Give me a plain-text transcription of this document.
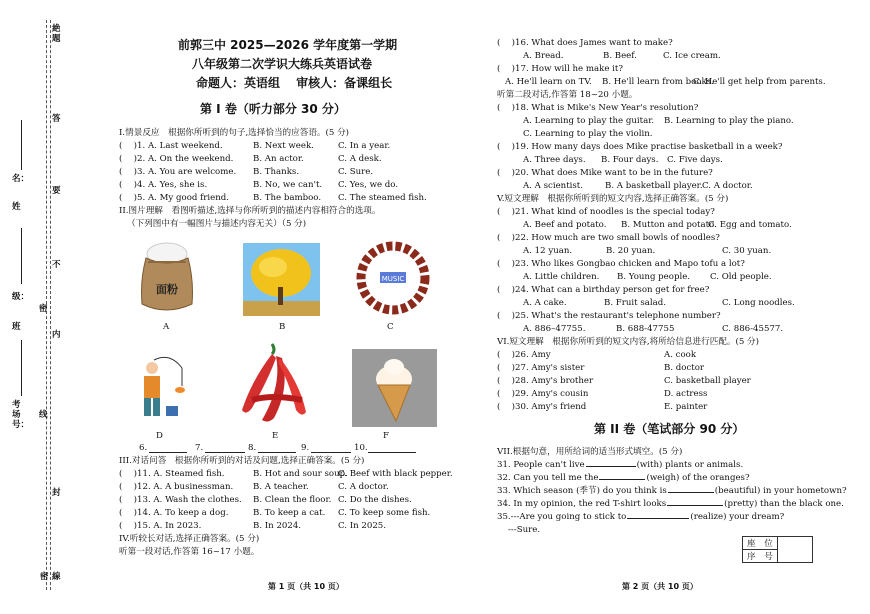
絶
題
答
要
不
内
封
密
线
線
密
名：
姓
级：
班
考场号：
前郭三中 2025—2026 学年度第一学期
八年级第二次学识大练兵英语试卷
命题人：英语组　 审核人：备课组长
第 I 卷（听力部分 30 分）
I.情景反应　根据你所听到的句子,选择恰当的应答语。(5 分)
(　 )1. A. Last weekend.	B. Next week.	C. In a year.
(　 )2. A. On the weekend. B. An actor.	C. A desk.
(　 )3. A. You are welcome. B. Thanks.	C. Sure.
(　 )4. A. Yes, she is.	B. No, we can't. C. Yes, we do.
(　 )5. A. My good friend.	B. The bamboo. C. The steamed fish.
II.图片理解　看图听描述,选择与你所听到的描述内容相符合的选项。
（下列图中有一幅图片与描述内容无关）（5 分)
面粉
A	B
MUSIC
C
D	E	F
6.	7.	8.	9.	10.
III.对话问答　根据你所听到的对话及问题,选择正确答案。(5 分)
(　 )11. A. Steamed fish.	B. Hot and sour soup.
C. Beef with black pepper.
(　 )12. A. A businessman. B. A teacher.	C. A doctor.
(　 )13. A. Wash the clothes. B. Clean the floor. C. Do the dishes.
(　 )14. A. To keep a dog.	B. To keep a cat. C. To keep some fish.
(　 )15. A. In 2023.	B. In 2024.	C. In 2025.
IV.听较长对话,选择正确答案。(5 分)
听第一段对话,作答第 16~17 小题。
第 1 页（共 10 页）
(　 )16. What does James want to make?
A. Bread.	B. Beef.	C. Ice cream.
(　 )17. How will he make it?
A. He'll learn on TV. B. He'll learn from books.
C. He'll get help from parents.
听第二段对话,作答第 18~20 小题。
(　 )18. What is Mike's New Year's resolution?
A. Learning to play the guitar. B. Learning to play the piano.
C. Learning to play the violin.
(　 )19. How many days does Mike practise basketball in a week?
A. Three days. B. Four days. C. Five days.
(　 )20. What does Mike want to be in the future?
A. A scientist.	B. A basketball player. C. A doctor.
V.短文理解　根据你所听到的短文内容,选择正确答案。(5 分)
(　 )21. What kind of noodles is the special today?
A. Beef and potato. B. Mutton and potato.
C. Egg and tomato.
(　 )22. How much are two small bowls of noodles?
A. 12 yuan.	B. 20 yuan.	C. 30 yuan.
(　 )23. Who likes Gongbao chicken and Mapo tofu a lot?
A. Little children. B. Young people. C. Old people.
(　 )24. What can a birthday person get for free?
A. A cake.	B. Fruit salad.	C. Long noodles.
(　 )25. What's the restaurant's telephone number?
A. 886–47755.	B. 688-47755	C. 886-45577.
VI.短文理解　根据你所听到的短文内容,将所给信息进行匹配。(5 分)
(　 )26. Amy	A. cook
(　 )27. Amy's sister	B. doctor
(　 )28. Amy's brother	C. basketball player
(　 )29. Amy's cousin	D. actress
(　 )30. Amy's friend	E. painter
第 II 卷（笔试部分 90 分）
VII.根据句意，用所给词的适当形式填空。(5 分)
31. People can't live	(with) plants or animals.
32. Can you tell me the	(weigh) of the oranges?
33. Which season (季节) do you think is	(beautiful) in your hometown?
34. In my opinion, the red T-shirt looks	(pretty) than the black one.
35.---Are you going to stick to	(realize) your dream?
---Sure.
座　位	
序　号
第 2 页（共 10 页）
